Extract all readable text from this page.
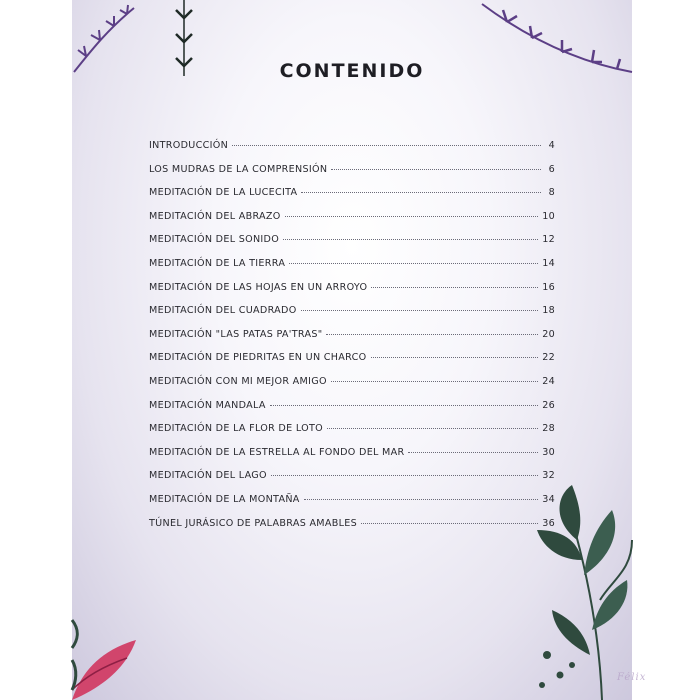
CONTENIDO
INTRODUCCIÓN	4
LOS MUDRAS DE LA COMPRENSIÓN	6
MEDITACIÓN DE LA LUCECITA	8
MEDITACIÓN DEL ABRAZO	10
MEDITACIÓN DEL SONIDO	12
MEDITACIÓN DE LA TIERRA	14
MEDITACIÓN DE LAS HOJAS EN UN ARROYO	16
MEDITACIÓN DEL CUADRADO	18
MEDITACIÓN "LAS PATAS PA'TRAS"	20
MEDITACIÓN DE PIEDRITAS EN UN CHARCO	22
MEDITACIÓN CON MI MEJOR AMIGO	24
MEDITACIÓN MANDALA	26
MEDITACIÓN DE LA FLOR DE LOTO	28
MEDITACIÓN DE LA ESTRELLA AL FONDO DEL MAR	30
MEDITACIÓN DEL LAGO	32
MEDITACIÓN DE LA MONTAÑA	34
TÚNEL JURÁSICO DE PALABRAS AMABLES	36
Félix
